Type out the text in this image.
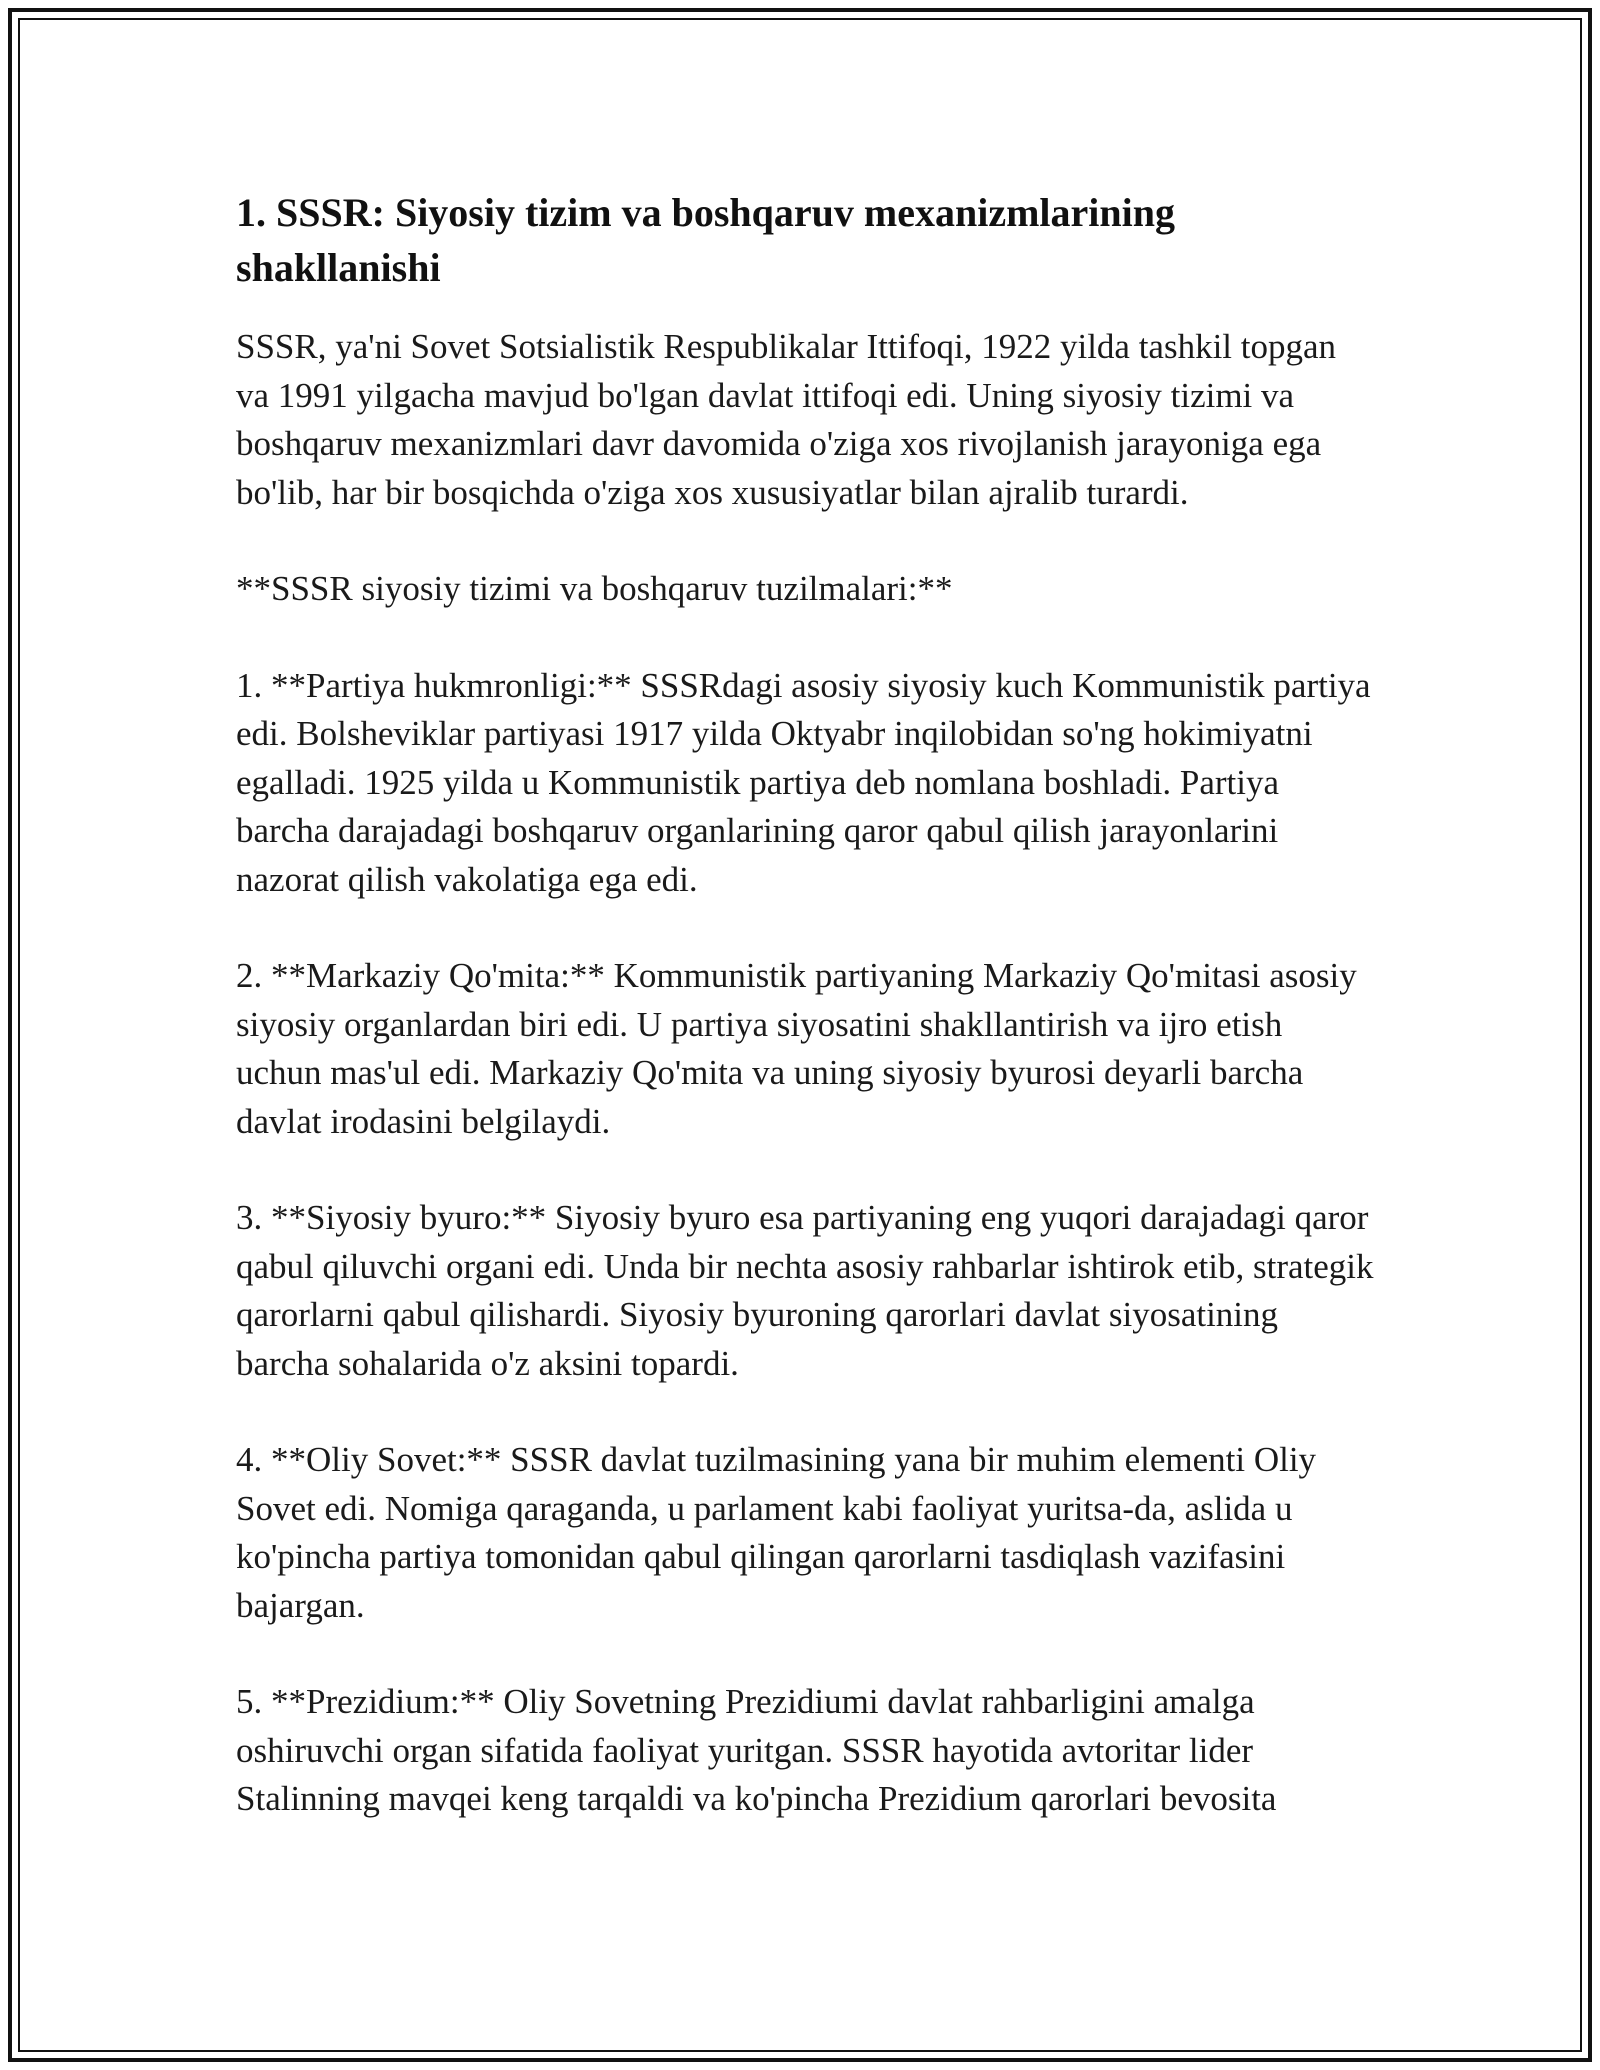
1. SSSR: Siyosiy tizim va boshqaruv mexanizmlarining shakllanishi

SSSR, ya'ni Sovet Sotsialistik Respublikalar Ittifoqi, 1922 yilda tashkil topgan va 1991 yilgacha mavjud bo'lgan davlat ittifoqi edi. Uning siyosiy tizimi va boshqaruv mexanizmlari davr davomida o'ziga xos rivojlanish jarayoniga ega bo'lib, har bir bosqichda o'ziga xos xususiyatlar bilan ajralib turardi.

**SSSR siyosiy tizimi va boshqaruv tuzilmalari:**

1. **Partiya hukmronligi:** SSSRdagi asosiy siyosiy kuch Kommunistik partiya edi. Bolsheviklar partiyasi 1917 yilda Oktyabr inqilobidan so'ng hokimiyatni egalladi. 1925 yilda u Kommunistik partiya deb nomlana boshladi. Partiya barcha darajadagi boshqaruv organlarining qaror qabul qilish jarayonlarini nazorat qilish vakolatiga ega edi.

2. **Markaziy Qo'mita:** Kommunistik partiyaning Markaziy Qo'mitasi asosiy siyosiy organlardan biri edi. U partiya siyosatini shakllantirish va ijro etish uchun mas'ul edi. Markaziy Qo'mita va uning siyosiy byurosi deyarli barcha davlat irodasini belgilaydi.

3. **Siyosiy byuro:** Siyosiy byuro esa partiyaning eng yuqori darajadagi qaror qabul qiluvchi organi edi. Unda bir nechta asosiy rahbarlar ishtirok etib, strategik qarorlarni qabul qilishardi. Siyosiy byuroning qarorlari davlat siyosatining barcha sohalarida o'z aksini topardi.

4. **Oliy Sovet:** SSSR davlat tuzilmasining yana bir muhim elementi Oliy Sovet edi. Nomiga qaraganda, u parlament kabi faoliyat yuritsa-da, aslida u ko'pincha partiya tomonidan qabul qilingan qarorlarni tasdiqlash vazifasini bajargan.

5. **Prezidium:** Oliy Sovetning Prezidiumi davlat rahbarligini amalga oshiruvchi organ sifatida faoliyat yuritgan. SSSR hayotida avtoritar lider Stalinning mavqei keng tarqaldi va ko'pincha Prezidium qarorlari bevosita
